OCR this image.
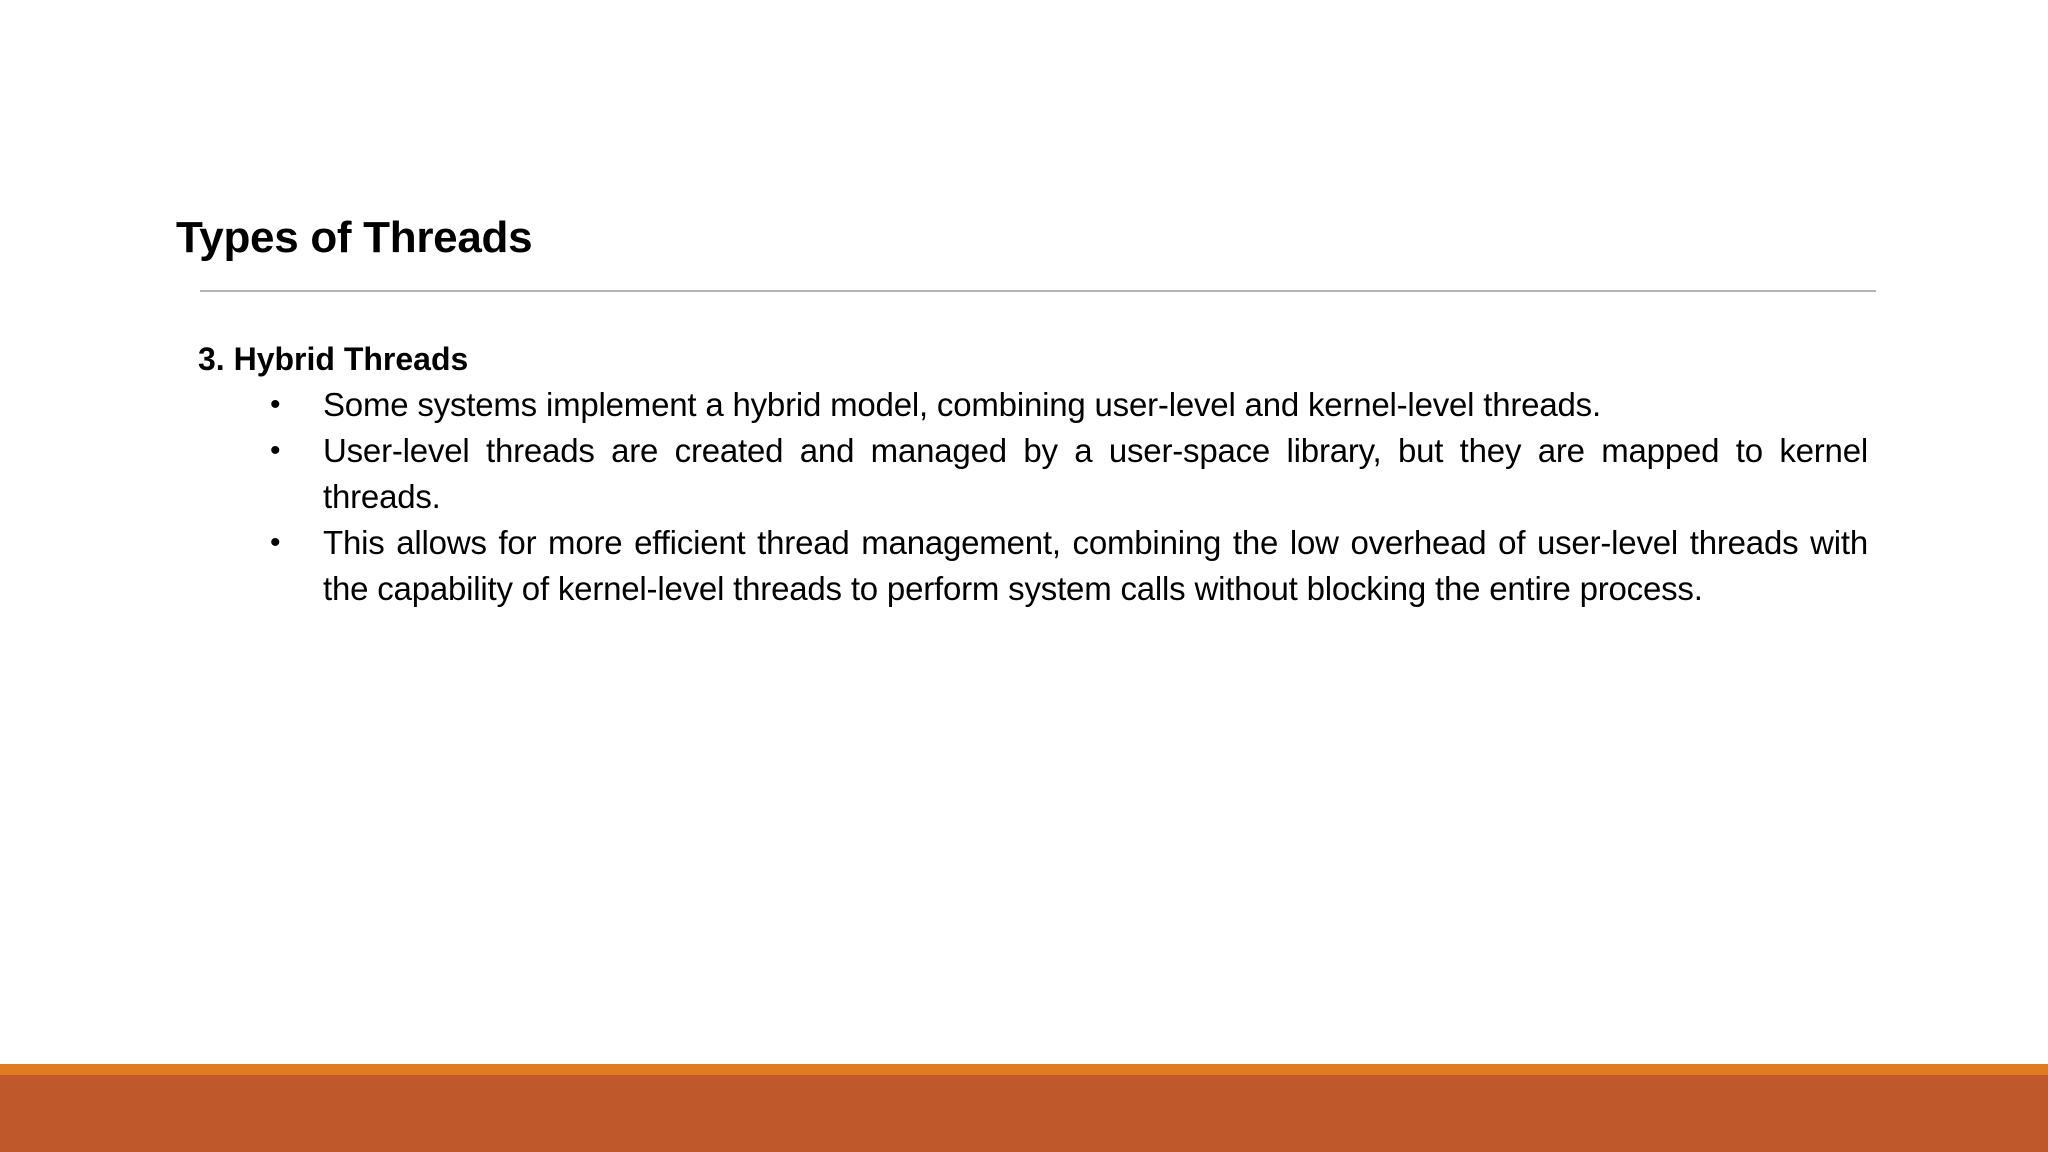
Types of Threads
3. Hybrid Threads
• Some systems implement a hybrid model, combining user-level and kernel-level threads.
• User-level threads are created and managed by a user-space library, but they are mapped to kernel threads.
• This allows for more efficient thread management, combining the low overhead of user-level threads with the capability of kernel-level threads to perform system calls without blocking the entire process.
